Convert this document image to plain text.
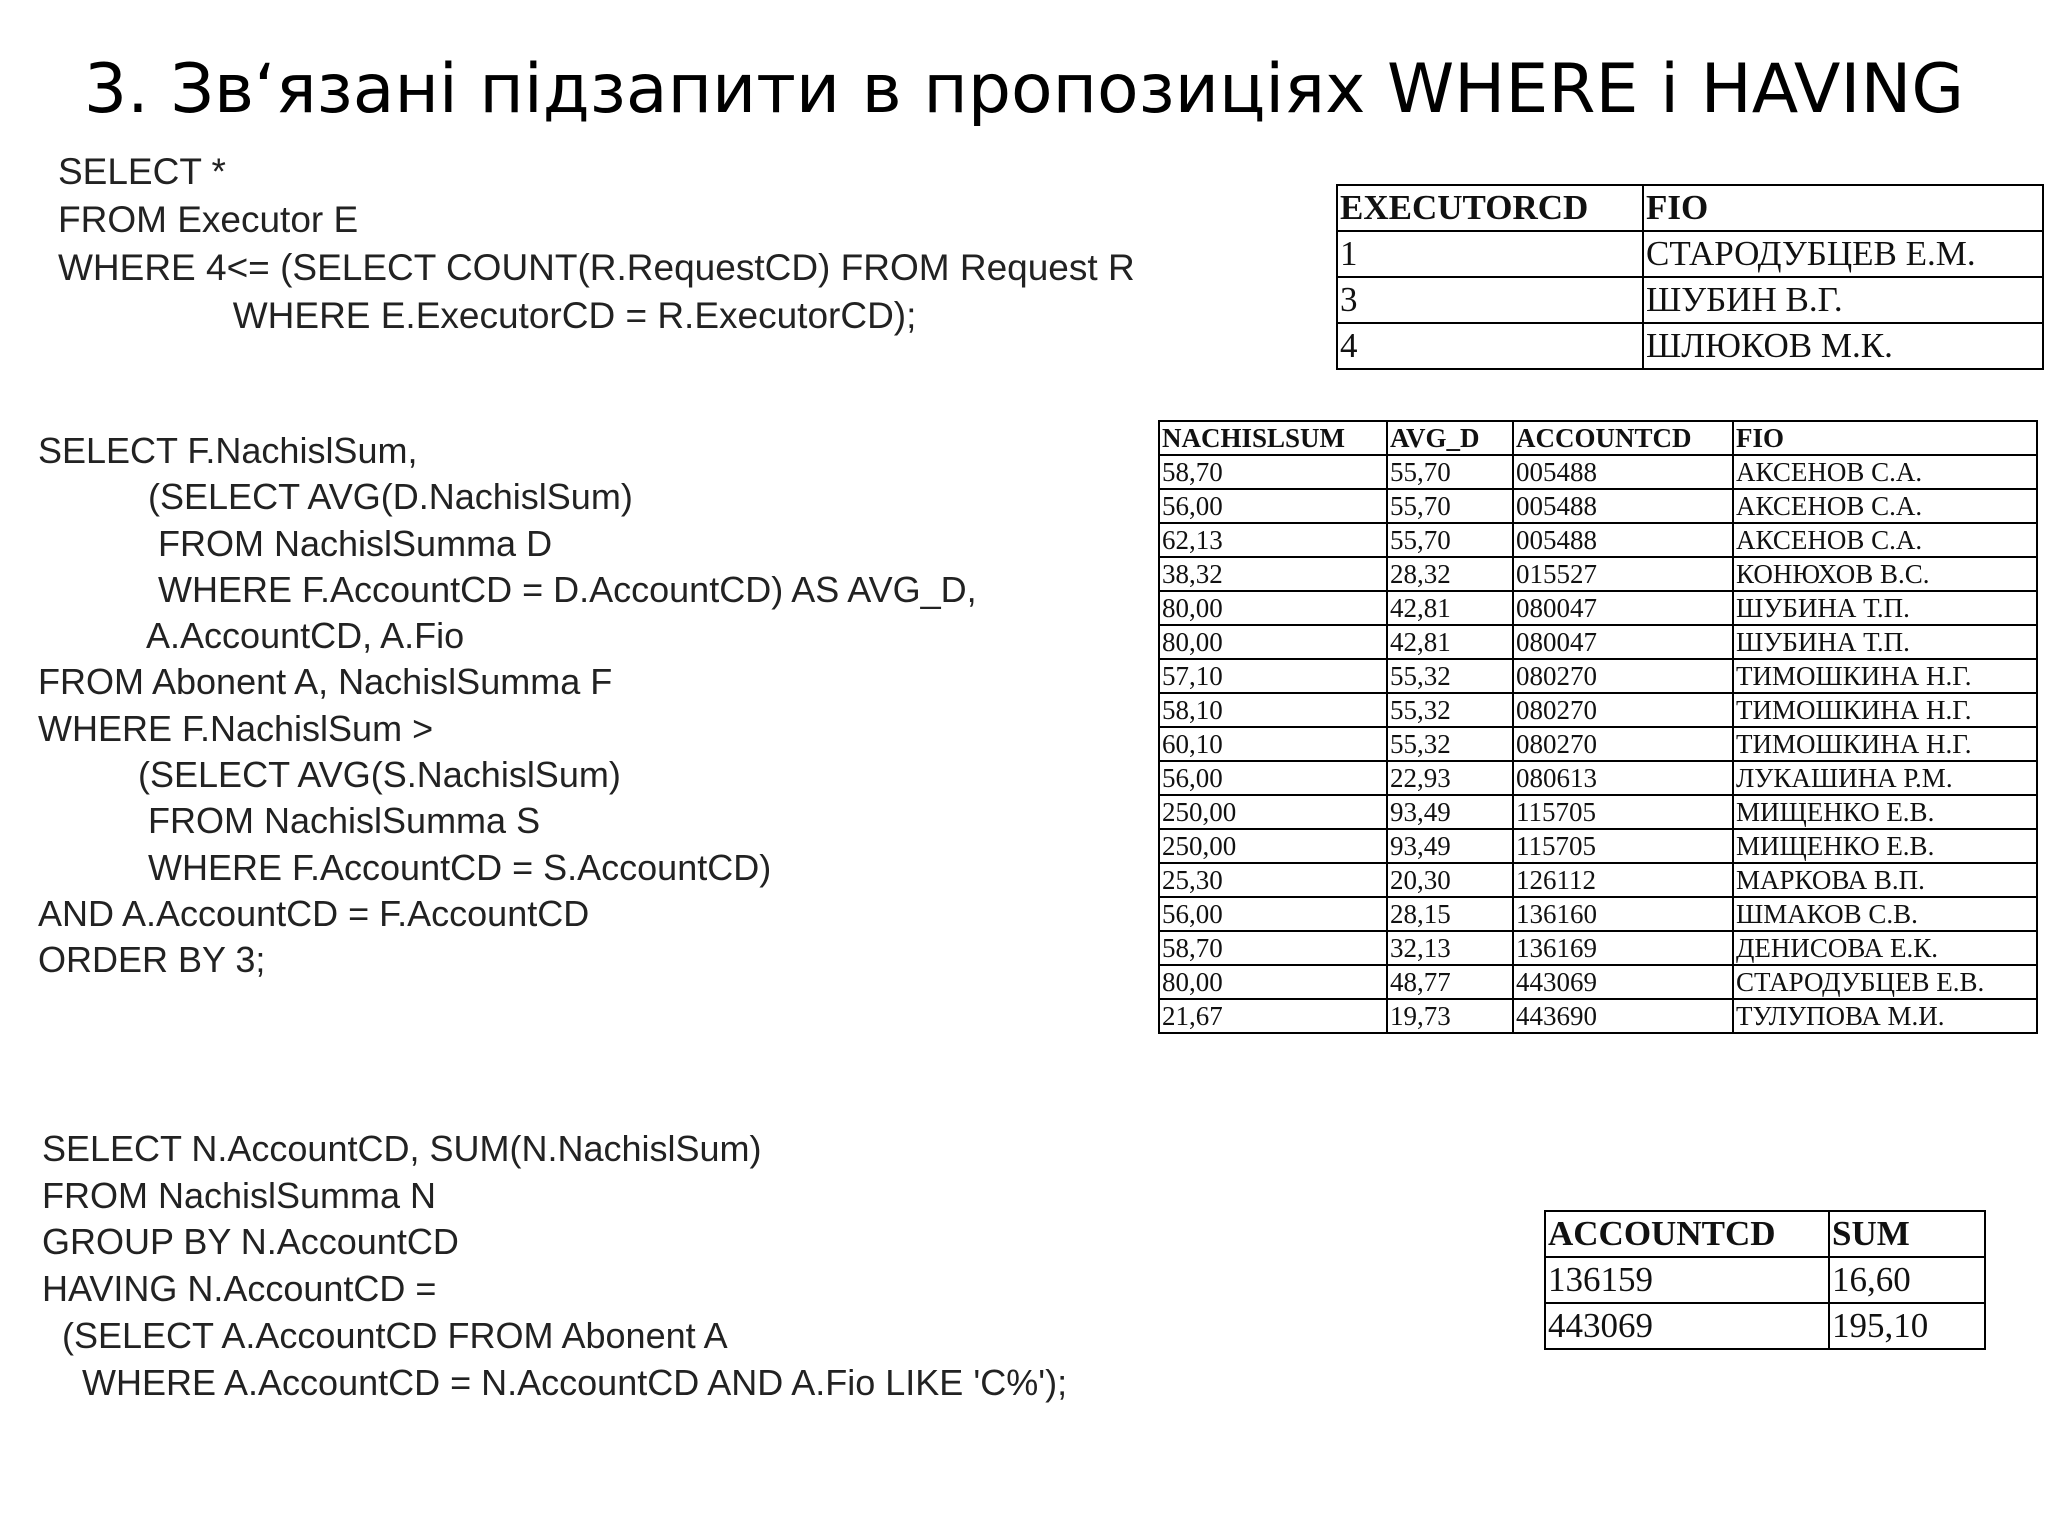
3. Зв‘язані підзапити в пропозиціях WHERE і HAVING
SELECT *
FROM Executor E
WHERE 4<= (SELECT COUNT(R.RequestCD) FROM Request R
WHERE E.ExecutorCD = R.ExecutorCD);
SELECT F.NachislSum,
(SELECT AVG(D.NachislSum)
FROM NachislSumma D
WHERE F.AccountCD = D.AccountCD) AS AVG_D,
A.AccountCD, A.Fio
FROM Abonent A, NachislSumma F
WHERE F.NachislSum >
(SELECT AVG(S.NachislSum)
FROM NachislSumma S
WHERE F.AccountCD = S.AccountCD)
AND A.AccountCD = F.AccountCD
ORDER BY 3;
SELECT N.AccountCD, SUM(N.NachislSum)
FROM NachislSumma N
GROUP BY N.AccountCD
HAVING N.AccountCD =
(SELECT A.AccountCD FROM Abonent A
WHERE A.AccountCD = N.AccountCD AND A.Fio LIKE 'C%');
EXECUTORCD	FIO
1	СТАРОДУБЦЕВ Е.М.
3	ШУБИН В.Г.
4	ШЛЮКОВ М.К.
NACHISLSUM	AVG_D	ACCOUNTCD	FIO
58,70	55,70	005488	АКСЕНОВ С.А.
56,00	55,70	005488	АКСЕНОВ С.А.
62,13	55,70	005488	АКСЕНОВ С.А.
38,32	28,32	015527	КОНЮХОВ В.С.
80,00	42,81	080047	ШУБИНА Т.П.
80,00	42,81	080047	ШУБИНА Т.П.
57,10	55,32	080270	ТИМОШКИНА Н.Г.
58,10	55,32	080270	ТИМОШКИНА Н.Г.
60,10	55,32	080270	ТИМОШКИНА Н.Г.
56,00	22,93	080613	ЛУКАШИНА Р.М.
250,00	93,49	115705	МИЩЕНКО Е.В.
250,00	93,49	115705	МИЩЕНКО Е.В.
25,30	20,30	126112	МАРКОВА В.П.
56,00	28,15	136160	ШМАКОВ С.В.
58,70	32,13	136169	ДЕНИСОВА Е.К.
80,00	48,77	443069	СТАРОДУБЦЕВ Е.В.
21,67	19,73	443690	ТУЛУПОВА М.И.
ACCOUNTCD	SUM
136159	16,60
443069	195,10
